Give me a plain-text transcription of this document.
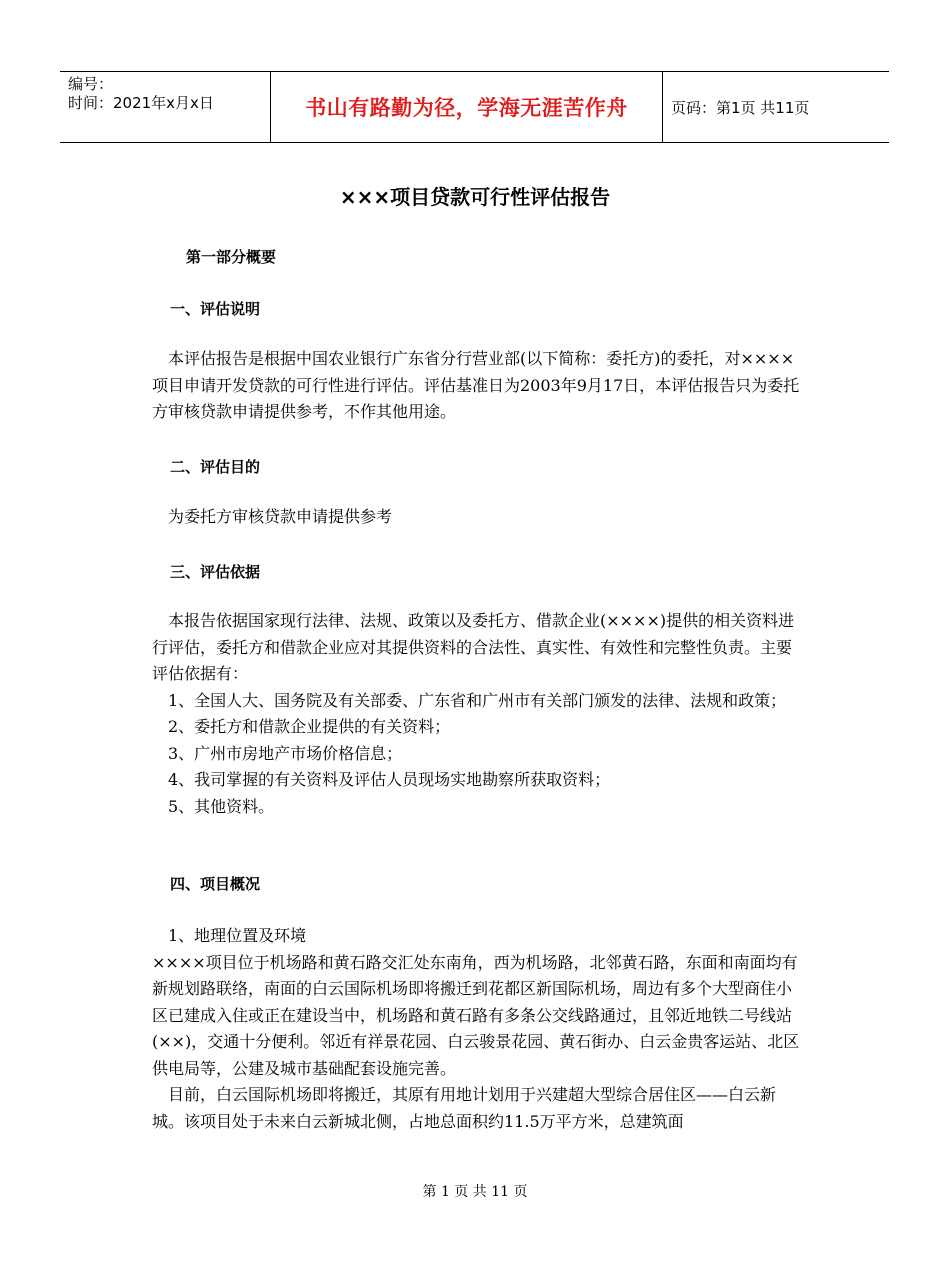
编号：
时间：2021年x月x日	书山有路勤为径，学海无涯苦作舟	页码：第1页 共11页
×××项目贷款可行性评估报告
第一部分概要
一、评估说明
　本评估报告是根据中国农业银行广东省分行营业部(以下简称：委托方)的委托，对××××项目申请开发贷款的可行性进行评估。评估基准日为2003年9月17日，本评估报告只为委托方审核贷款申请提供参考，不作其他用途。
二、评估目的
　为委托方审核贷款申请提供参考
三、评估依据
　本报告依据国家现行法律、法规、政策以及委托方、借款企业(××××)提供的相关资料进行评估，委托方和借款企业应对其提供资料的合法性、真实性、有效性和完整性负责。主要评估依据有：
　1、全国人大、国务院及有关部委、广东省和广州市有关部门颁发的法律、法规和政策；
　2、委托方和借款企业提供的有关资料；
　3、广州市房地产市场价格信息；
　4、我司掌握的有关资料及评估人员现场实地勘察所获取资料；
　5、其他资料。
四、项目概况
　1、地理位置及环境
××××项目位于机场路和黄石路交汇处东南角，西为机场路，北邻黄石路，东面和南面均有新规划路联络，南面的白云国际机场即将搬迁到花都区新国际机场，周边有多个大型商住小区已建成入住或正在建设当中，机场路和黄石路有多条公交线路通过，且邻近地铁二号线站(××)，交通十分便利。邻近有祥景花园、白云骏景花园、黄石街办、白云金贵客运站、北区供电局等，公建及城市基础配套设施完善。
　目前，白云国际机场即将搬迁，其原有用地计划用于兴建超大型综合居住区——白云新城。该项目处于未来白云新城北侧，占地总面积约11.5万平方米，总建筑面
第 1 页 共 11 页
